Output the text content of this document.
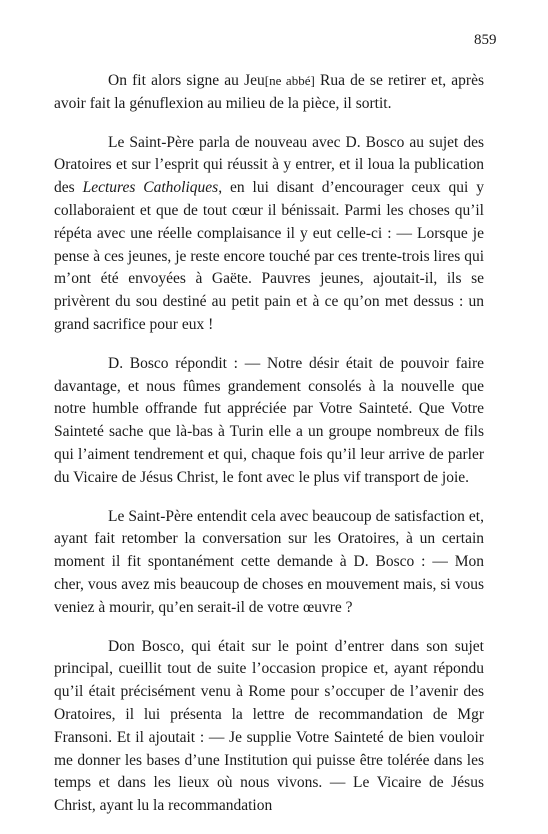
859

On fit alors signe au Jeu[ne abbé] Rua de se retirer et, après avoir fait la génuflexion au milieu de la pièce, il sortit.

Le Saint-Père parla de nouveau avec D. Bosco au sujet des Oratoires et sur l’esprit qui réussit à y entrer, et il loua la publication des Lectures Catholiques, en lui disant d’encourager ceux qui y collaboraient et que de tout cœur il bénissait. Parmi les choses qu’il répéta avec une réelle complaisance il y eut celle-ci : — Lorsque je pense à ces jeunes, je reste encore touché par ces trente-trois lires qui m’ont été envoyées à Gaëte. Pauvres jeunes, ajoutait-il, ils se privèrent du sou destiné au petit pain et à ce qu’on met dessus : un grand sacrifice pour eux !

D. Bosco répondit : — Notre désir était de pouvoir faire davantage, et nous fûmes grandement consolés à la nouvelle que notre humble offrande fut appréciée par Votre Sainteté. Que Votre Sainteté sache que là-bas à Turin elle a un groupe nombreux de fils qui l’aiment tendrement et qui, chaque fois qu’il leur arrive de parler du Vicaire de Jésus Christ, le font avec le plus vif transport de joie.

Le Saint-Père entendit cela avec beaucoup de satisfaction et, ayant fait retomber la conversation sur les Oratoires, à un certain moment il fit spontanément cette demande à D. Bosco : — Mon cher, vous avez mis beaucoup de choses en mouvement mais, si vous veniez à mourir, qu’en serait-il de votre œuvre ?

Don Bosco, qui était sur le point d’entrer dans son sujet principal, cueillit tout de suite l’occasion propice et, ayant répondu qu’il était précisément venu à Rome pour s’occuper de l’avenir des Oratoires, il lui présenta la lettre de recommandation de Mgr Fransoni. Et il ajoutait : — Je supplie Votre Sainteté de bien vouloir me donner les bases d’une Institution qui puisse être tolérée dans les temps et dans les lieux où nous vivons. — Le Vicaire de Jésus Christ, ayant lu la recommandation
